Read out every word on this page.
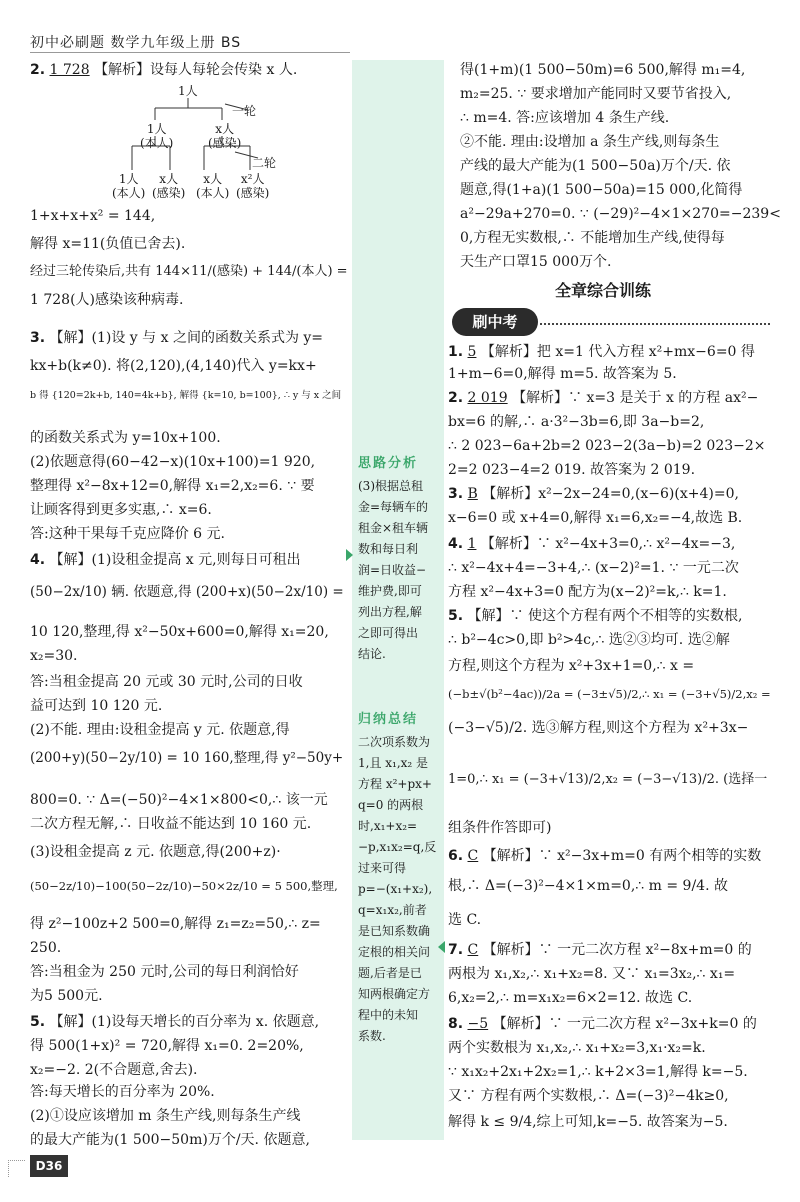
初中必刷题 数学九年级上册 BS
思路分析
归纳总结
(3)根据总租
金=每辆车的
租金×租车辆
数和每日利
润=日收益−
维护费,即可
列出方程,解
之即可得出
结论.
二次项系数为
1,且 x₁,x₂ 是
方程 x²+px+
q=0 的两根
时,x₁+x₂=
−p,x₁x₂=q,反
过来可得
p=−(x₁+x₂),
q=x₁x₂,前者
是已知系数确
定根的相关问
题,后者是已
知两根确定方
程中的未知
系数.
1人
一轮
1人
(本人)
x人
(感染)
二轮
1人
(本人)
x人
(感染)
x人
(本人)
x²人
(感染)
2. 1 728 【解析】设每人每轮会传染 x 人.
1+x+x+x² = 144,
解得 x=11(负值已舍去).
经过三轮传染后,共有 144×11/(感染) + 144/(本人) =
1 728(人)感染该种病毒.
3. 【解】(1)设 y 与 x 之间的函数关系式为 y=
kx+b(k≠0). 将(2,120),(4,140)代入 y=kx+
b 得 {120=2k+b, 140=4k+b}, 解得 {k=10, b=100}, ∴ y 与 x 之间
的函数关系式为 y=10x+100.
(2)依题意得(60−42−x)(10x+100)=1 920,
整理得 x²−8x+12=0,解得 x₁=2,x₂=6. ∵ 要
让顾客得到更多实惠,∴ x=6.
答:这种干果每千克应降价 6 元.
4. 【解】(1)设租金提高 x 元,则每日可租出
(50−2x/10) 辆. 依题意,得 (200+x)(50−2x/10) =
10 120,整理,得 x²−50x+600=0,解得 x₁=20,
x₂=30.
答:当租金提高 20 元或 30 元时,公司的日收
益可达到 10 120 元.
(2)不能. 理由:设租金提高 y 元. 依题意,得
(200+y)(50−2y/10) = 10 160,整理,得 y²−50y+
800=0. ∵ Δ=(−50)²−4×1×800<0,∴ 该一元
二次方程无解,∴ 日收益不能达到 10 160 元.
(3)设租金提高 z 元. 依题意,得(200+z)·
(50−2z/10)−100(50−2z/10)−50×2z/10 = 5 500,整理,
得 z²−100z+2 500=0,解得 z₁=z₂=50,∴ z=
250.
答:当租金为 250 元时,公司的每日利润恰好
为5 500元.
5. 【解】(1)设每天增长的百分率为 x. 依题意,
得 500(1+x)² = 720,解得 x₁=0. 2=20%,
x₂=−2. 2(不合题意,舍去).
答:每天增长的百分率为 20%.
(2)①设应该增加 m 条生产线,则每条生产线
的最大产能为(1 500−50m)万个/天. 依题意,
得(1+m)(1 500−50m)=6 500,解得 m₁=4,
m₂=25. ∵ 要求增加产能同时又要节省投入,
∴ m=4. 答:应该增加 4 条生产线.
②不能. 理由:设增加 a 条生产线,则每条生
产线的最大产能为(1 500−50a)万个/天. 依
题意,得(1+a)(1 500−50a)=15 000,化简得
a²−29a+270=0. ∵ (−29)²−4×1×270=−239<
0,方程无实数根,∴ 不能增加生产线,使得每
天生产口罩15 000万个.
全章综合训练
刷中考
1. 5 【解析】把 x=1 代入方程 x²+mx−6=0 得
1+m−6=0,解得 m=5. 故答案为 5.
2. 2 019 【解析】∵ x=3 是关于 x 的方程 ax²−
bx=6 的解,∴ a·3²−3b=6,即 3a−b=2,
∴ 2 023−6a+2b=2 023−2(3a−b)=2 023−2×
2=2 023−4=2 019. 故答案为 2 019.
3. B 【解析】x²−2x−24=0,(x−6)(x+4)=0,
x−6=0 或 x+4=0,解得 x₁=6,x₂=−4,故选 B.
4. 1 【解析】∵ x²−4x+3=0,∴ x²−4x=−3,
∴ x²−4x+4=−3+4,∴ (x−2)²=1. ∵ 一元二次
方程 x²−4x+3=0 配方为(x−2)²=k,∴ k=1.
5. 【解】∵ 使这个方程有两个不相等的实数根,
∴ b²−4c>0,即 b²>4c,∴ 选②③均可. 选②解
方程,则这个方程为 x²+3x+1=0,∴ x =
(−b±√(b²−4ac))/2a = (−3±√5)/2,∴ x₁ = (−3+√5)/2,x₂ =
(−3−√5)/2. 选③解方程,则这个方程为 x²+3x−
1=0,∴ x₁ = (−3+√13)/2,x₂ = (−3−√13)/2. (选择一
组条件作答即可)
6. C 【解析】∵ x²−3x+m=0 有两个相等的实数
根,∴ Δ=(−3)²−4×1×m=0,∴ m = 9/4. 故
选 C.
7. C 【解析】∵ 一元二次方程 x²−8x+m=0 的
两根为 x₁,x₂,∴ x₁+x₂=8. 又∵ x₁=3x₂,∴ x₁=
6,x₂=2,∴ m=x₁x₂=6×2=12. 故选 C.
8. −5 【解析】∵ 一元二次方程 x²−3x+k=0 的
两个实数根为 x₁,x₂,∴ x₁+x₂=3,x₁·x₂=k.
∵ x₁x₂+2x₁+2x₂=1,∴ k+2×3=1,解得 k=−5.
又∵ 方程有两个实数根,∴ Δ=(−3)²−4k≥0,
解得 k ≤ 9/4,综上可知,k=−5. 故答案为−5.
D36
